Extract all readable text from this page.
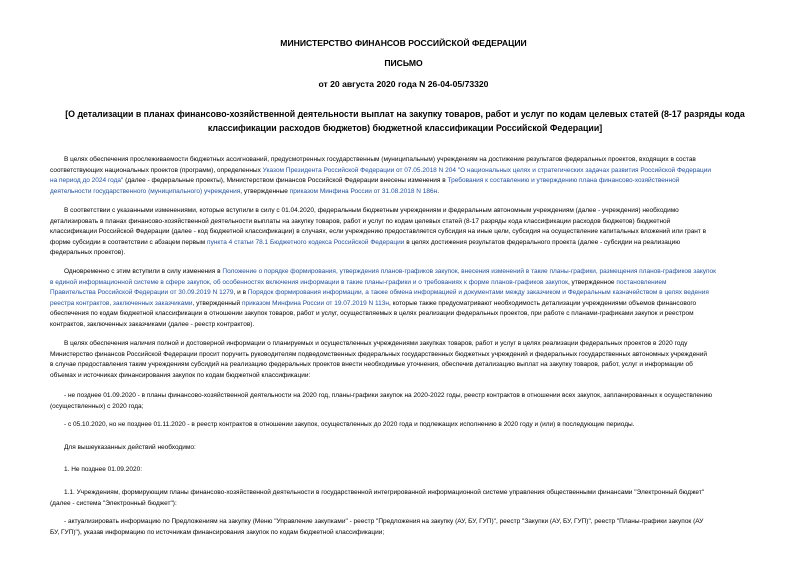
МИНИСТЕРСТВО ФИНАНСОВ РОССИЙСКОЙ ФЕДЕРАЦИИ
ПИСЬМО
от 20 августа 2020 года N 26-04-05/73320
[О детализации в планах финансово-хозяйственной деятельности выплат на закупку товаров, работ и услуг по кодам целевых статей (8-17 разряды кода
классификации расходов бюджетов) бюджетной классификации Российской Федерации]
В целях обеспечения прослеживаемости бюджетных ассигнований, предусмотренных государственным (муниципальным) учреждениям на достижение результатов федеральных проектов, входящих в состав
соответствующих национальных проектов (программ), определенных Указом Президента Российской Федерации от 07.05.2018 N 204 "О национальных целях и стратегических задачах развития Российской Федерации
на период до 2024 года" (далее - федеральные проекты), Министерством финансов Российской Федерации внесены изменения в Требования к составлению и утверждению плана финансово-хозяйственной
деятельности государственного (муниципального) учреждения, утвержденные приказом Минфина России от 31.08.2018 N 186н.
В соответствии с указанными изменениями, которые вступили в силу с 01.04.2020, федеральным бюджетным учреждениям и федеральным автономным учреждениям (далее - учреждения) необходимо
детализировать в планах финансово-хозяйственной деятельности выплаты на закупку товаров, работ и услуг по кодам целевых статей (8-17 разряды кода классификации расходов бюджетов) бюджетной
классификации Российской Федерации (далее - код бюджетной классификации) в случаях, если учреждению предоставляется субсидия на иные цели, субсидия на осуществление капитальных вложений или грант в
форме субсидии в соответствии с абзацем первым пункта 4 статьи 78.1 Бюджетного кодекса Российской Федерации в целях достижения результатов федерального проекта (далее - субсидии на реализацию
федеральных проектов).
Одновременно с этим вступили в силу изменения в Положение о порядке формирования, утверждения планов-графиков закупок, внесения изменений в такие планы-графики, размещения планов-графиков закупок
в единой информационной системе в сфере закупок, об особенностях включения информации в такие планы-графики и о требованиях к форме планов-графиков закупок, утвержденное постановлением
Правительства Российской Федерации от 30.09.2019 N 1279, и в Порядок формирования информации, а также обмена информацией и документами между заказчиком и Федеральным казначейством в целях ведения
реестра контрактов, заключенных заказчиками, утвержденный приказом Минфина России от 19.07.2019 N 113н, которые также предусматривают необходимость детализации учреждениями объемов финансового
обеспечения по кодам бюджетной классификации в отношении закупок товаров, работ и услуг, осуществляемых в целях реализации федеральных проектов, при работе с планами-графиками закупок и реестром
контрактов, заключенных заказчиками (далее - реестр контрактов).
В целях обеспечения наличия полной и достоверной информации о планируемых и осуществленных учреждениями закупках товаров, работ и услуг в целях реализации федеральных проектов в 2020 году
Министерство финансов Российской Федерации просит поручить руководителям подведомственных федеральных государственных бюджетных учреждений и федеральных государственных автономных учреждений
в случае предоставления таким учреждениям субсидий на реализацию федеральных проектов внести необходимые уточнения, обеспечив детализацию выплат на закупку товаров, работ, услуг и информации об
объемах и источниках финансирования закупок по кодам бюджетной классификации:
- не позднее 01.09.2020 - в планы финансово-хозяйственной деятельности на 2020 год, планы-графики закупок на 2020-2022 годы, реестр контрактов в отношении всех закупок, запланированных к осуществлению
(осуществленных) с 2020 года;
- с 05.10.2020, но не позднее 01.11.2020 - в реестр контрактов в отношении закупок, осуществленных до 2020 года и подлежащих исполнению в 2020 году и (или) в последующие периоды.
Для вышеуказанных действий необходимо:
1. Не позднее 01.09.2020:
1.1. Учреждениям, формирующим планы финансово-хозяйственной деятельности в государственной интегрированной информационной системе управления общественными финансами "Электронный бюджет"
(далее - система "Электронный бюджет"):
- актуализировать информацию по Предложениям на закупку (Меню "Управление закупками" - реестр "Предложения на закупку (АУ, БУ, ГУП)", реестр "Закупки (АУ, БУ, ГУП)", реестр "Планы-графики закупок (АУ
БУ, ГУП)"), указав информацию по источникам финансирования закупок по кодам бюджетной классификации;
